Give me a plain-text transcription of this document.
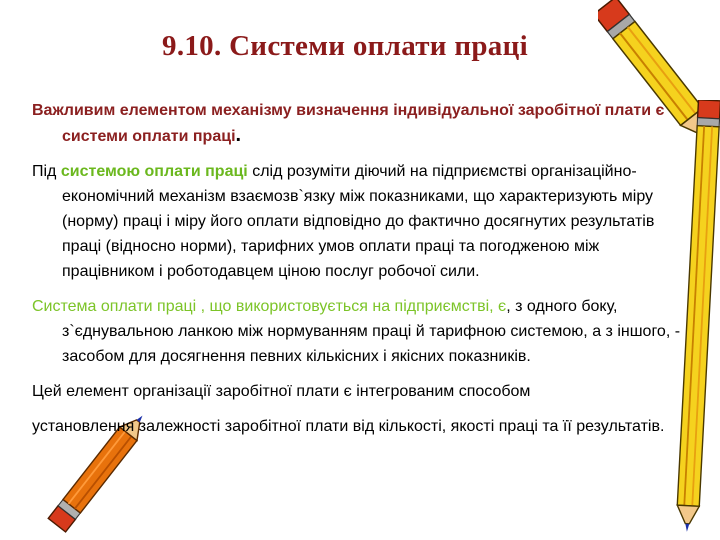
9.10. Системи оплати праці

Важливим елементом механізму визначення індивідуальної заробітної плати є системи оплати праці.

Під системою оплати праці слід розуміти діючий на підприємстві організаційно-економічний механізм взаємозв`язку між показниками, що характеризують міру (норму) праці і міру його оплати відповідно до фактично досягнутих результатів праці (відносно норми), тарифних умов оплати праці та погодженою між працівником і роботодавцем ціною послуг робочої сили.

Система оплати праці , що використовується на підприємстві, є, з одного боку, з`єднувальною ланкою між нормуванням праці й тарифною системою, а з іншого, - засобом для досягнення певних кількісних і якісних показників.

Цей елемент організації заробітної плати є інтегрованим способом

установлення залежності заробітної плати від кількості, якості праці та її результатів.
